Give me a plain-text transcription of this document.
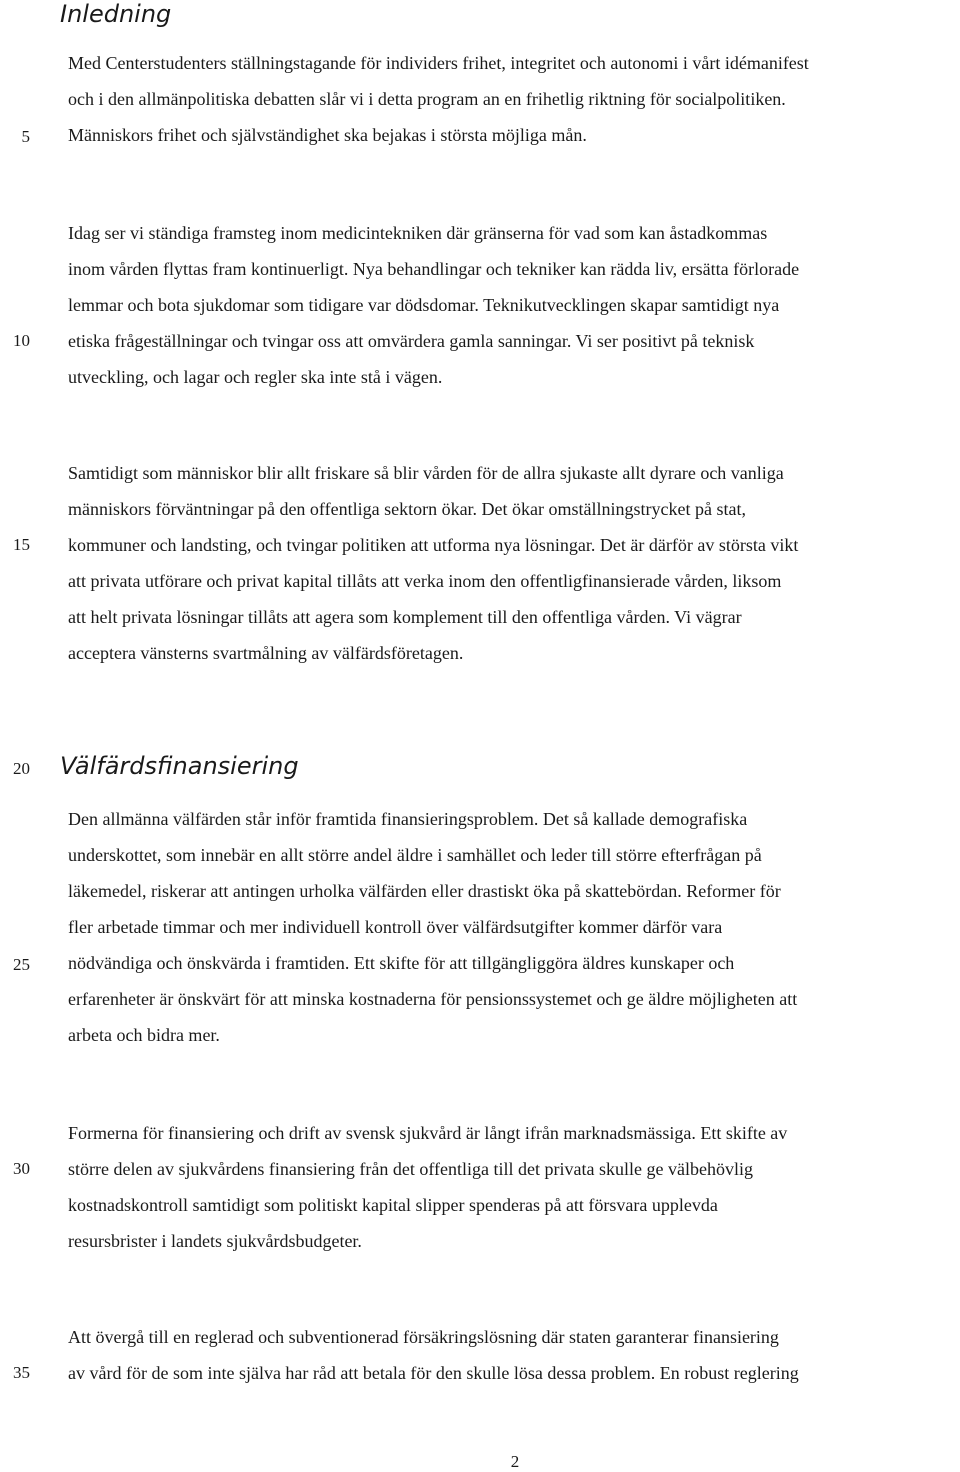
Inledning
Välfärdsfinansiering
Med Centerstudenters ställningstagande för individers frihet, integritet och autonomi i vårt idémanifest
och i den allmänpolitiska debatten slår vi i detta program an en frihetlig riktning för socialpolitiken.
Människors frihet och självständighet ska bejakas i största möjliga mån.
Idag ser vi ständiga framsteg inom medicintekniken där gränserna för vad som kan åstadkommas
inom vården flyttas fram kontinuerligt. Nya behandlingar och tekniker kan rädda liv, ersätta förlorade
lemmar och bota sjukdomar som tidigare var dödsdomar. Teknikutvecklingen skapar samtidigt nya
etiska frågeställningar och tvingar oss att omvärdera gamla sanningar. Vi ser positivt på teknisk
utveckling, och lagar och regler ska inte stå i vägen.
Samtidigt som människor blir allt friskare så blir vården för de allra sjukaste allt dyrare och vanliga
människors förväntningar på den offentliga sektorn ökar. Det ökar omställningstrycket på stat,
kommuner och landsting, och tvingar politiken att utforma nya lösningar. Det är därför av största vikt
att privata utförare och privat kapital tillåts att verka inom den offentligfinansierade vården, liksom
att helt privata lösningar tillåts att agera som komplement till den offentliga vården. Vi vägrar
acceptera vänsterns svartmålning av välfärdsföretagen.
Den allmänna välfärden står inför framtida finansieringsproblem. Det så kallade demografiska
underskottet, som innebär en allt större andel äldre i samhället och leder till större efterfrågan på
läkemedel, riskerar att antingen urholka välfärden eller drastiskt öka på skattebördan. Reformer för
fler arbetade timmar och mer individuell kontroll över välfärdsutgifter kommer därför vara
nödvändiga och önskvärda i framtiden. Ett skifte för att tillgängliggöra äldres kunskaper och
erfarenheter är önskvärt för att minska kostnaderna för pensionssystemet och ge äldre möjligheten att
arbeta och bidra mer.
Formerna för finansiering och drift av svensk sjukvård är långt ifrån marknadsmässiga. Ett skifte av
större delen av sjukvårdens finansiering från det offentliga till det privata skulle ge välbehövlig
kostnadskontroll samtidigt som politiskt kapital slipper spenderas på att försvara upplevda
resursbrister i landets sjukvårdsbudgeter.
Att övergå till en reglerad och subventionerad försäkringslösning där staten garanterar finansiering
av vård för de som inte själva har råd att betala för den skulle lösa dessa problem. En robust reglering
5
10
15
20
25
30
35
2
